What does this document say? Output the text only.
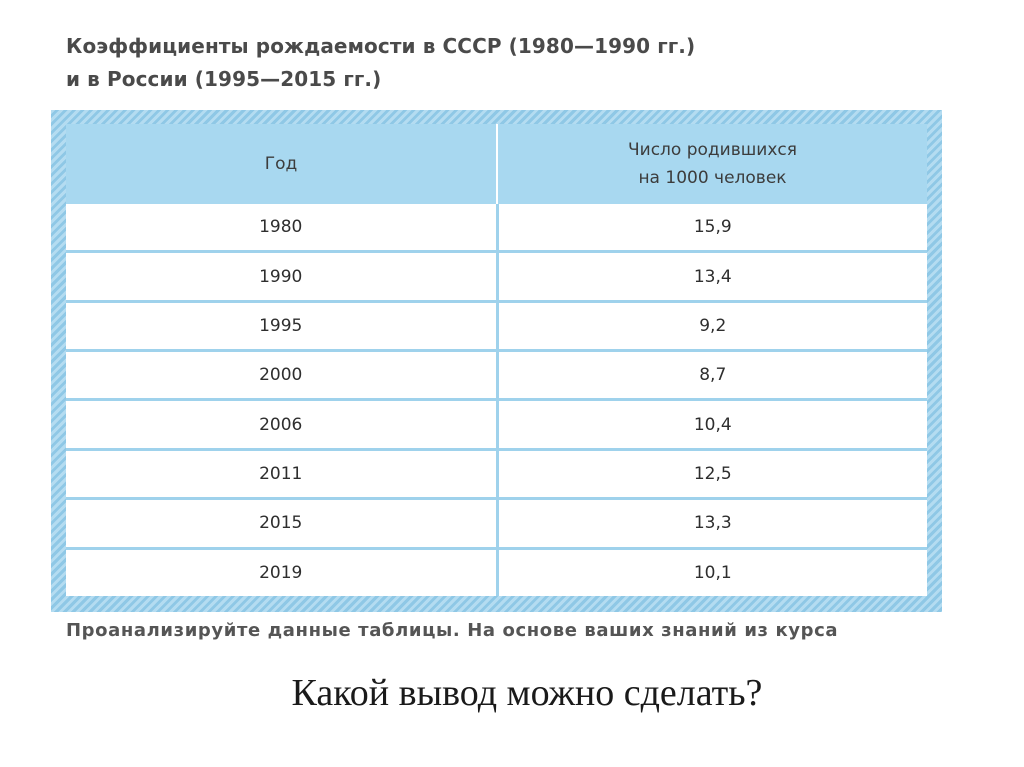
Коэффициенты рождаемости в СССР (1980—1990 гг.)
и в России (1995—2015 гг.)
Год	Число родившихся
на 1000 человек

1980	15,9
1990	13,4
1995	9,2
2000	8,7
2006	10,4
2011	12,5
2015	13,3
2019	10,1
Проанализируйте данные таблицы. На основе ваших знаний из курса
Какой вывод можно сделать?
